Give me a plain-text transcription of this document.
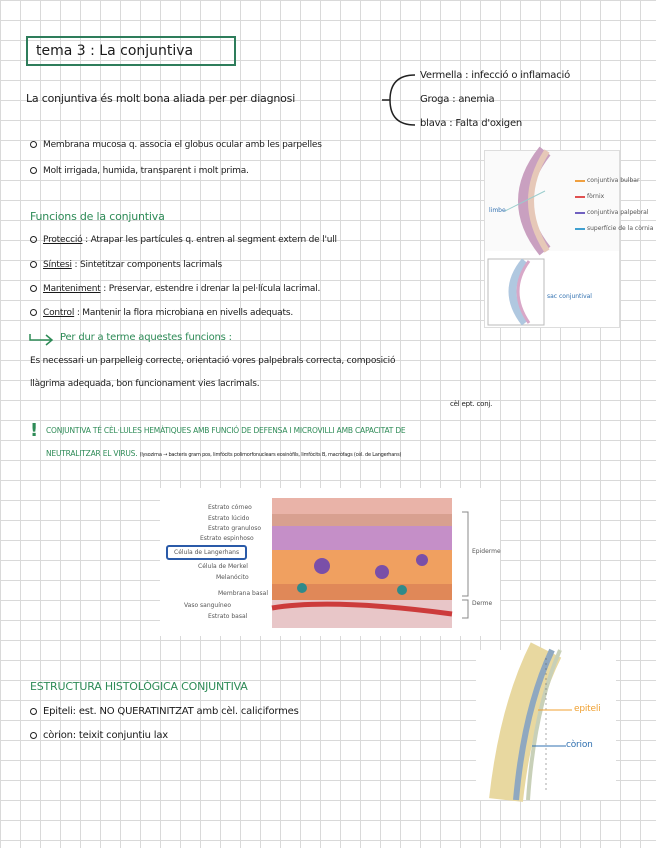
tema 3 : La conjuntiva
La conjuntiva és molt bona aliada per per diagnosi
Vermella : infecció o inflamació
Groga : anemia
blava : Falta d'oxigen
Membrana mucosa q. associa el globus ocular amb les parpelles
Molt irrigada, humida, transparent i molt prima.
conjuntiva bulbar
fòrnix
conjuntiva palpebral
superfície de la còrnia
limbe
sac conjuntival
Funcions de la conjuntiva
Protecció : Atrapar les partícules q. entren al segment extern de l'ull
Síntesi : Sintetitzar components lacrimals
Manteniment : Preservar, estendre i drenar la pel·lícula lacrimal.
Control : Mantenir la flora microbiana en nivells adequats.
Per dur a terme aquestes funcions :
Es necessari un parpelleig correcte, orientació vores palpebrals correcta, composició
llàgrima adequada, bon funcionament vies lacrimals.
cèl ept. conj.
! CONJUNTIVA TÉ CÈL·LULES HEMÀTIQUES AMB FUNCIÓ DE DEFENSA I MICROVILLI AMB CAPACITAT DE
NEUTRALITZAR EL VIRUS. (lysozima → bacteris gram pos, limfòcits polimorfonuclears eosinòfils, limfòcits B, macròfags (cèl. de Langerhans)
Estrato córneo
Estrato lúcido
Estrato granuloso
Estrato espinhoso
Célula de Langerhans
Célula de Merkel
Melanócito
Membrana basal
Vaso sanguíneo
Estrato basal
Epiderme
Derme
ESTRUCTURA HISTOLÒGICA CONJUNTIVA
Epiteli: est. NO QUERATINITZAT amb cèl. caliciformes
còrion: teixit conjuntiu lax
epiteli
còrion
